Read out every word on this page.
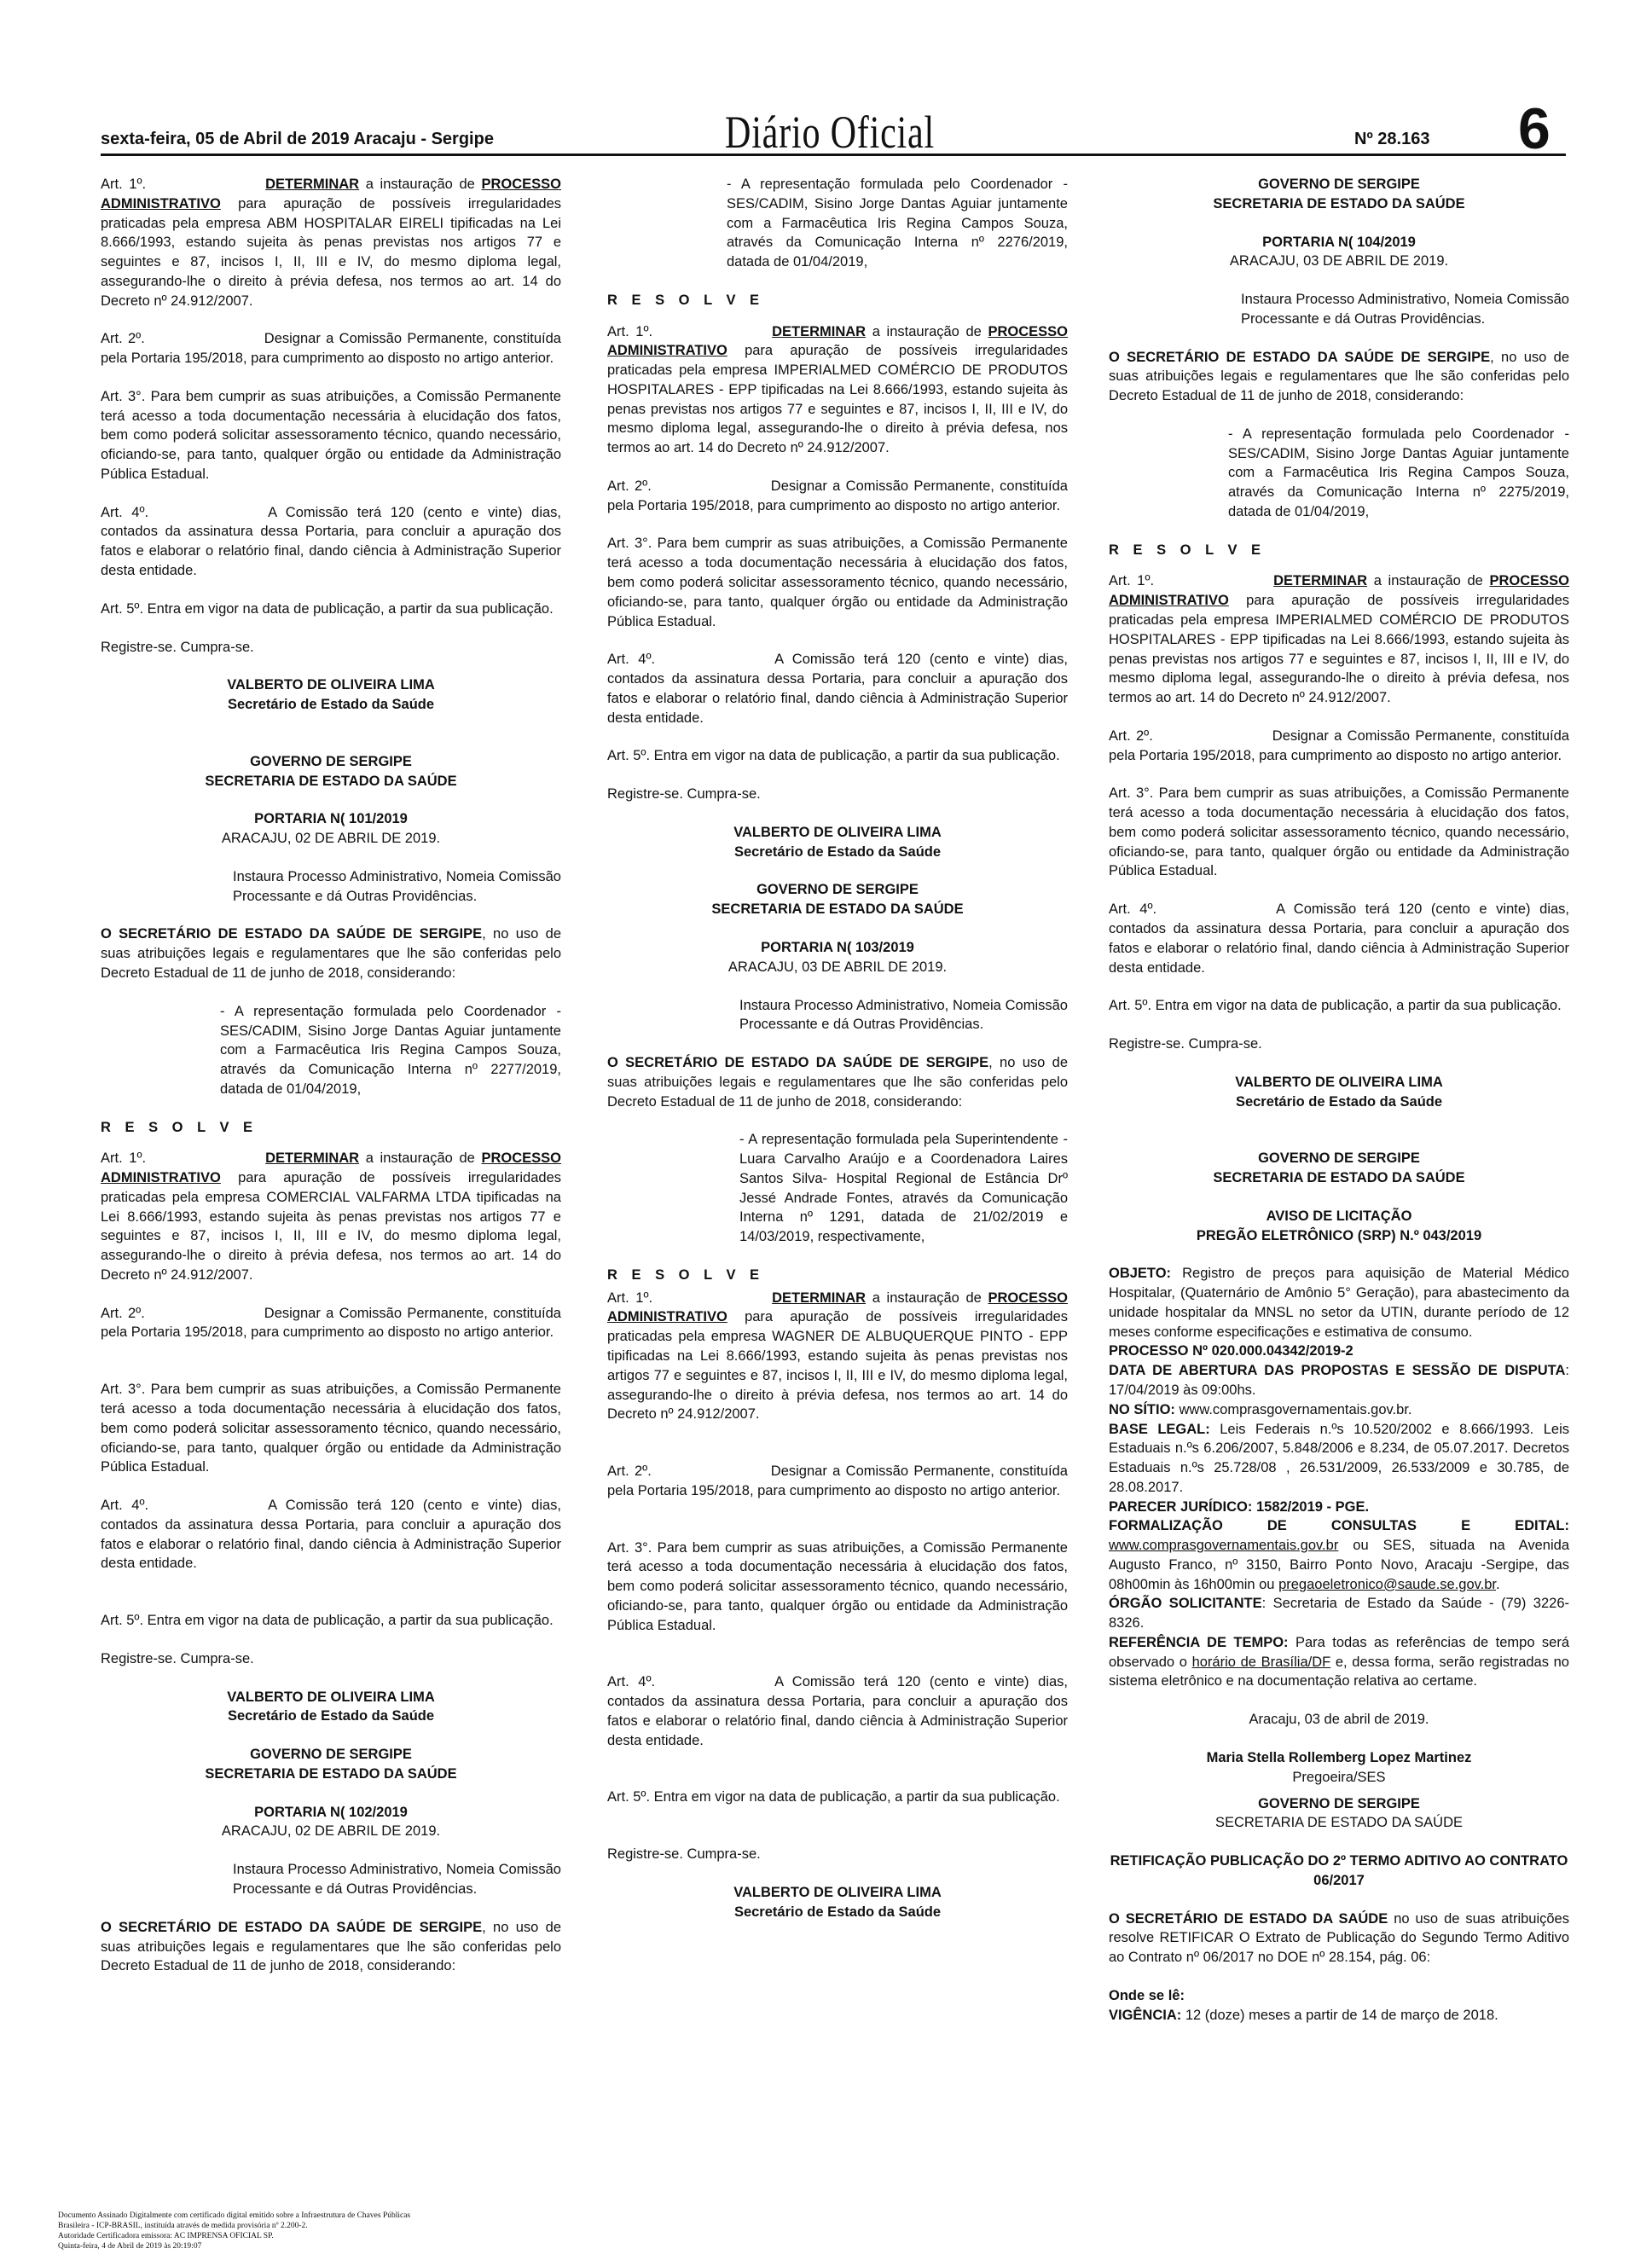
sexta-feira, 05 de Abril de 2019 Aracaju - Sergipe	Diário Oficial	Nº 28.163 6

Art. 1º.	DETERMINAR a instauração de PROCESSO ADMINISTRATIVO para apuração de possíveis irregularidades praticadas pela empresa ABM HOSPITALAR EIRELI tipificadas na Lei 8.666/1993, estando sujeita às penas previstas nos artigos 77 e seguintes e 87, incisos I, II, III e IV, do mesmo diploma legal, assegurando-lhe o direito à prévia defesa, nos termos ao art. 14 do Decreto nº 24.912/2007.

Art. 2º.	Designar a Comissão Permanente, constituída pela Portaria 195/2018, para cumprimento ao disposto no artigo anterior.

Art. 3°. Para bem cumprir as suas atribuições, a Comissão Permanente terá acesso a toda documentação necessária à elucidação dos fatos, bem como poderá solicitar assessoramento técnico, quando necessário, oficiando-se, para tanto, qualquer órgão ou entidade da Administração Pública Estadual.

Art. 4º.	A Comissão terá 120 (cento e vinte) dias, contados da assinatura dessa Portaria, para concluir a apuração dos fatos e elaborar o relatório final, dando ciência à Administração Superior desta entidade.

Art. 5º. Entra em vigor na data de publicação, a partir da sua publicação.

Registre-se. Cumpra-se.

VALBERTO DE OLIVEIRA LIMA
Secretário de Estado da Saúde
GOVERNO DE SERGIPE
SECRETARIA DE ESTADO DA SAÚDE
PORTARIA N( 101/2019
ARACAJU, 02 DE ABRIL DE 2019.

Instaura Processo Administrativo, Nomeia Comissão Processante e dá Outras Providências.

O SECRETÁRIO DE ESTADO DA SAÚDE DE SERGIPE, no uso de suas atribuições legais e regulamentares que lhe são conferidas pelo Decreto Estadual de 11 de junho de 2018, considerando:

- A representação formulada pelo Coordenador - SES/CADIM, Sisino Jorge Dantas Aguiar juntamente com a Farmacêutica Iris Regina Campos Souza, através da Comunicação Interna nº 2277/2019, datada de 01/04/2019,

R E S O L V E

Art. 1º.	DETERMINAR a instauração de PROCESSO ADMINISTRATIVO para apuração de possíveis irregularidades praticadas pela empresa COMERCIAL VALFARMA LTDA tipificadas na Lei 8.666/1993, estando sujeita às penas previstas nos artigos 77 e seguintes e 87, incisos I, II, III e IV, do mesmo diploma legal, assegurando-lhe o direito à prévia defesa, nos termos ao art. 14 do Decreto nº 24.912/2007.

Art. 2º.	Designar a Comissão Permanente, constituída pela Portaria 195/2018, para cumprimento ao disposto no artigo anterior.

Art. 3°. Para bem cumprir as suas atribuições, a Comissão Permanente terá acesso a toda documentação necessária à elucidação dos fatos, bem como poderá solicitar assessoramento técnico, quando necessário, oficiando-se, para tanto, qualquer órgão ou entidade da Administração Pública Estadual.

Art. 4º.	A Comissão terá 120 (cento e vinte) dias, contados da assinatura dessa Portaria, para concluir a apuração dos fatos e elaborar o relatório final, dando ciência à Administração Superior desta entidade.

Art. 5º. Entra em vigor na data de publicação, a partir da sua publicação.

Registre-se. Cumpra-se.

VALBERTO DE OLIVEIRA LIMA
Secretário de Estado da Saúde
GOVERNO DE SERGIPE
SECRETARIA DE ESTADO DA SAÚDE
PORTARIA N( 102/2019
ARACAJU, 02 DE ABRIL DE 2019.

Instaura Processo Administrativo, Nomeia Comissão Processante e dá Outras Providências.

O SECRETÁRIO DE ESTADO DA SAÚDE DE SERGIPE, no uso de suas atribuições legais e regulamentares que lhe são conferidas pelo Decreto Estadual de 11 de junho de 2018, considerando:

- A representação formulada pelo Coordenador - SES/CADIM, Sisino Jorge Dantas Aguiar juntamente com a Farmacêutica Iris Regina Campos Souza, através da Comunicação Interna nº 2276/2019, datada de 01/04/2019,

R E S O L V E

Art. 1º.	DETERMINAR a instauração de PROCESSO ADMINISTRATIVO para apuração de possíveis irregularidades praticadas pela empresa IMPERIALMED COMÉRCIO DE PRODUTOS HOSPITALARES - EPP tipificadas na Lei 8.666/1993, estando sujeita às penas previstas nos artigos 77 e seguintes e 87, incisos I, II, III e IV, do mesmo diploma legal, assegurando-lhe o direito à prévia defesa, nos termos ao art. 14 do Decreto nº 24.912/2007.

Art. 2º.	Designar a Comissão Permanente, constituída pela Portaria 195/2018, para cumprimento ao disposto no artigo anterior.

Art. 3°. Para bem cumprir as suas atribuições, a Comissão Permanente terá acesso a toda documentação necessária à elucidação dos fatos, bem como poderá solicitar assessoramento técnico, quando necessário, oficiando-se, para tanto, qualquer órgão ou entidade da Administração Pública Estadual.

Art. 4º.	A Comissão terá 120 (cento e vinte) dias, contados da assinatura dessa Portaria, para concluir a apuração dos fatos e elaborar o relatório final, dando ciência à Administração Superior desta entidade.

Art. 5º. Entra em vigor na data de publicação, a partir da sua publicação.

Registre-se. Cumpra-se.

VALBERTO DE OLIVEIRA LIMA
Secretário de Estado da Saúde
GOVERNO DE SERGIPE
SECRETARIA DE ESTADO DA SAÚDE
PORTARIA N( 103/2019
ARACAJU, 03 DE ABRIL DE 2019.

Instaura Processo Administrativo, Nomeia Comissão Processante e dá Outras Providências.

O SECRETÁRIO DE ESTADO DA SAÚDE DE SERGIPE, no uso de suas atribuições legais e regulamentares que lhe são conferidas pelo Decreto Estadual de 11 de junho de 2018, considerando:

- A representação formulada pela Superintendente - Luara Carvalho Araújo e a Coordenadora Laires Santos Silva- Hospital Regional de Estância Drº Jessé Andrade Fontes, através da Comunicação Interna nº 1291, datada de 21/02/2019 e 14/03/2019, respectivamente,

R E S O L V E

Art. 1º.	DETERMINAR a instauração de PROCESSO ADMINISTRATIVO para apuração de possíveis irregularidades praticadas pela empresa WAGNER DE ALBUQUERQUE PINTO - EPP tipificadas na Lei 8.666/1993, estando sujeita às penas previstas nos artigos 77 e seguintes e 87, incisos I, II, III e IV, do mesmo diploma legal, assegurando-lhe o direito à prévia defesa, nos termos ao art. 14 do Decreto nº 24.912/2007.

Art. 2º.	Designar a Comissão Permanente, constituída pela Portaria 195/2018, para cumprimento ao disposto no artigo anterior.

Art. 3°. Para bem cumprir as suas atribuições, a Comissão Permanente terá acesso a toda documentação necessária à elucidação dos fatos, bem como poderá solicitar assessoramento técnico, quando necessário, oficiando-se, para tanto, qualquer órgão ou entidade da Administração Pública Estadual.

Art. 4º.	A Comissão terá 120 (cento e vinte) dias, contados da assinatura dessa Portaria, para concluir a apuração dos fatos e elaborar o relatório final, dando ciência à Administração Superior desta entidade.

Art. 5º. Entra em vigor na data de publicação, a partir da sua publicação.

Registre-se. Cumpra-se.

VALBERTO DE OLIVEIRA LIMA
Secretário de Estado da Saúde
GOVERNO DE SERGIPE
SECRETARIA DE ESTADO DA SAÚDE
PORTARIA N( 104/2019
ARACAJU, 03 DE ABRIL DE 2019.

Instaura Processo Administrativo, Nomeia Comissão Processante e dá Outras Providências.

O SECRETÁRIO DE ESTADO DA SAÚDE DE SERGIPE, no uso de suas atribuições legais e regulamentares que lhe são conferidas pelo Decreto Estadual de 11 de junho de 2018, considerando:

- A representação formulada pelo Coordenador - SES/CADIM, Sisino Jorge Dantas Aguiar juntamente com a Farmacêutica Iris Regina Campos Souza, através da Comunicação Interna nº 2275/2019, datada de 01/04/2019,

R E S O L V E

Art. 1º.	DETERMINAR a instauração de PROCESSO ADMINISTRATIVO para apuração de possíveis irregularidades praticadas pela empresa IMPERIALMED COMÉRCIO DE PRODUTOS HOSPITALARES - EPP tipificadas na Lei 8.666/1993, estando sujeita às penas previstas nos artigos 77 e seguintes e 87, incisos I, II, III e IV, do mesmo diploma legal, assegurando-lhe o direito à prévia defesa, nos termos ao art. 14 do Decreto nº 24.912/2007.

Art. 2º.	Designar a Comissão Permanente, constituída pela Portaria 195/2018, para cumprimento ao disposto no artigo anterior.

Art. 3°. Para bem cumprir as suas atribuições, a Comissão Permanente terá acesso a toda documentação necessária à elucidação dos fatos, bem como poderá solicitar assessoramento técnico, quando necessário, oficiando-se, para tanto, qualquer órgão ou entidade da Administração Pública Estadual.

Art. 4º.	A Comissão terá 120 (cento e vinte) dias, contados da assinatura dessa Portaria, para concluir a apuração dos fatos e elaborar o relatório final, dando ciência à Administração Superior desta entidade.

Art. 5º. Entra em vigor na data de publicação, a partir da sua publicação.

Registre-se. Cumpra-se.

VALBERTO DE OLIVEIRA LIMA
Secretário de Estado da Saúde
GOVERNO DE SERGIPE
SECRETARIA DE ESTADO DA SAÚDE
AVISO DE LICITAÇÃO
PREGÃO ELETRÔNICO (SRP) N.º 043/2019

OBJETO: Registro de preços para aquisição de Material Médico Hospitalar, (Quaternário de Amônio 5° Geração), para abastecimento da unidade hospitalar da MNSL no setor da UTIN, durante período de 12 meses conforme especificações e estimativa de consumo.

PROCESSO Nº 020.000.04342/2019-2

DATA DE ABERTURA DAS PROPOSTAS E SESSÃO DE DISPUTA: 17/04/2019 às 09:00hs.

NO SÍTIO: www.comprasgovernamentais.gov.br.

BASE LEGAL: Leis Federais n.ºs 10.520/2002 e 8.666/1993. Leis Estaduais n.ºs 6.206/2007, 5.848/2006 e 8.234, de 05.07.2017. Decretos Estaduais n.ºs 25.728/08 , 26.531/2009, 26.533/2009 e 30.785, de 28.08.2017.

PARECER JURÍDICO: 1582/2019 - PGE.

FORMALIZAÇÃO DE CONSULTAS E EDITAL: www.comprasgovernamentais.gov.br ou SES, situada na Avenida Augusto Franco, nº 3150, Bairro Ponto Novo, Aracaju -Sergipe, das 08h00min às 16h00min ou pregaoeletronico@saude.se.gov.br.

ÓRGÃO SOLICITANTE: Secretaria de Estado da Saúde - (79) 3226-8326.

REFERÊNCIA DE TEMPO: Para todas as referências de tempo será observado o horário de Brasília/DF e, dessa forma, serão registradas no sistema eletrônico e na documentação relativa ao certame.

Aracaju, 03 de abril de 2019.

Maria Stella Rollemberg Lopez Martinez
Pregoeira/SES
GOVERNO DE SERGIPE
SECRETARIA DE ESTADO DA SAÚDE
RETIFICAÇÃO PUBLICAÇÃO DO 2º TERMO ADITIVO AO CONTRATO 06/2017

O SECRETÁRIO DE ESTADO DA SAÚDE no uso de suas atribuições resolve RETIFICAR O Extrato de Publicação do Segundo Termo Aditivo ao Contrato nº 06/2017 no DOE nº 28.154, pág. 06:

Onde se lê:
VIGÊNCIA: 12 (doze) meses a partir de 14 de março de 2018.
Documento Assinado Digitalmente com certificado digital emitido sobre a Infraestrutura de Chaves Públicas
Brasileira - ICP-BRASIL, instituída através de medida provisória nº 2.200-2.
Autoridade Certificadora emissora: AC IMPRENSA OFICIAL SP.
Quinta-feira, 4 de Abril de 2019 às 20:19:07
